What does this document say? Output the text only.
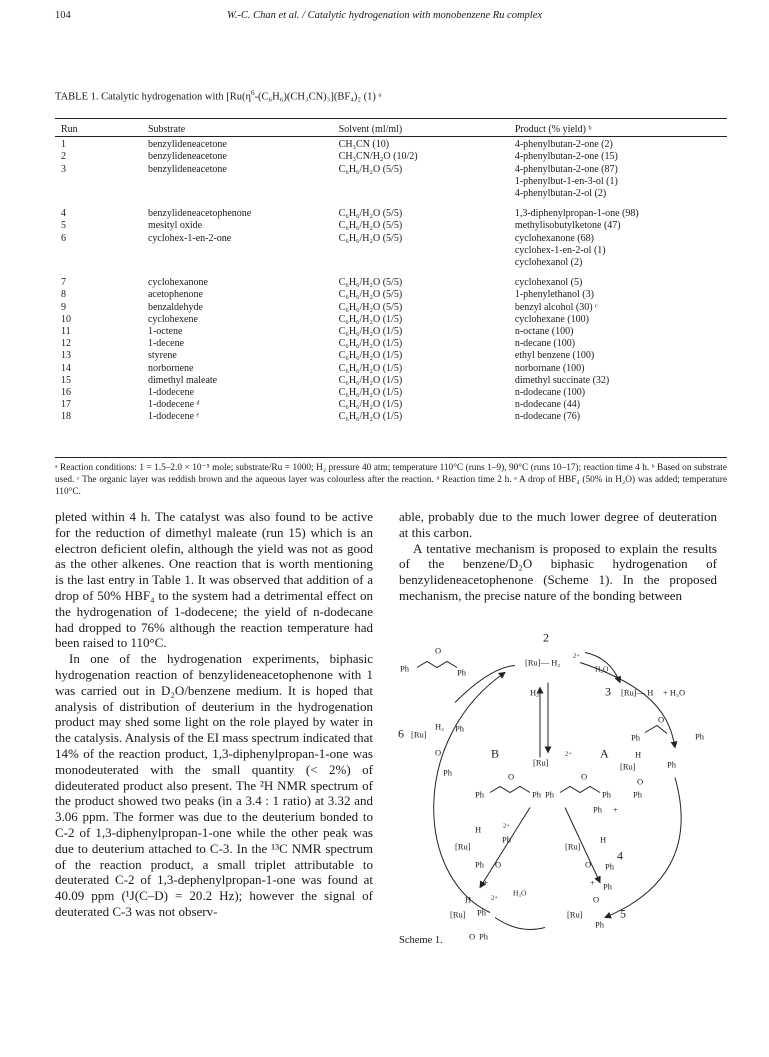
104	W.-C. Chan et al. / Catalytic hydrogenation with monobenzene Ru complex
TABLE 1. Catalytic hydrogenation with [$Ru(\eta^6-(C_6H_6)(CH_3CN)_3](BF_4)_2$ (1) ᵃ
Run	Substrate	Solvent (ml/ml)	Product (% yield) ᵇ
1	benzylideneacetone	CH₃CN (10)	4-phenylbutan-2-one (2)

2	benzylideneacetone	CH₃CN/H₂O (10/2)	4-phenylbutan-2-one (15)

3	benzylideneacetone	C₆H₆/H₂O (5/5)	4-phenylbutan-2-one (87)
1-phenylbut-1-en-3-ol (1)
4-phenylbutan-2-ol (2)

4	benzylideneacetophenone	C₆H₆/H₂O (5/5)	1,3-diphenylpropan-1-one (98)

5	mesityl oxide	C₆H₆/H₂O (5/5)	methylisobutylketone (47)

6	cyclohex-1-en-2-one	C₆H₆/H₂O (5/5)	cyclohexanone (68)
cyclohex-1-en-2-ol (1)
cyclohexanol (2)

7	cyclohexanone	C₆H₆/H₂O (5/5)	cyclohexanol (5)

8	acetophenone	C₆H₆/H₂O (5/5)	1-phenylethanol (3)

9	benzaldehyde	C₆H₆/H₂O (5/5)	benzyl alcohol (30) ᶜ

10	cyclohexene	C₆H₆/H₂O (1/5)	cyclohexane (100)

11	1-octene	C₆H₆/H₂O (1/5)	n-octane (100)

12	1-decene	C₆H₆/H₂O (1/5)	n-decane (100)

13	styrene	C₆H₆/H₂O (1/5)	ethyl benzene (100)

14	norbornene	C₆H₆/H₂O (1/5)	norbornane (100)

15	dimethyl maleate	C₆H₆/H₂O (1/5)	dimethyl succinate (32)

16	1-dodecene	C₆H₆/H₂O (1/5)	n-dodecane (100)

17	1-dodecene ᵈ	C₆H₆/H₂O (1/5)	n-dodecane (44)

18	1-dodecene ᵉ	C₆H₆/H₂O (1/5)	n-dodecane (76)
ᵃ Reaction conditions: 1 = 1.5–2.0 × 10⁻⁵ mole; substrate/Ru = 1000; H₂ pressure 40 atm; temperature 110°C (runs 1–9), 90°C (runs 10–17); reaction time 4 h. ᵇ Based on substrate used. ᶜ The organic layer was reddish brown and the aqueous layer was colourless after the reaction. ᵈ Reaction time 2 h. ᵉ A drop of HBF₄ (50% in H₂O) was added; temperature 110°C.

pleted within 4 h. The catalyst was also found to be active for the reduction of dimethyl maleate (run 15) which is an electron deficient olefin, although the yield was not as good as the other alkenes. One reaction that is worth mentioning is the last entry in Table 1. It was observed that addition of a drop of 50% HBF₄ to the system had a detrimental effect on the hydrogenation of 1-dodecene; the yield of n-dodecane had dropped to 76% although the reaction temperature had been raised to 110°C.

In one of the hydrogenation experiments, biphasic hydrogenation reaction of benzylideneacetophenone with 1 was carried out in D₂O/benzene medium. It is hoped that analysis of distribution of deuterium in the hydrogenation product may shed some light on the role played by water in the catalysis. Analysis of the EI mass spectrum indicated that 14% of the reaction product, 1,3-diphenylpropan-1-one was monodeuterated with the small quantity (< 2%) of dideuterated product also present. The ²H NMR spectrum of the product showed two peaks (in a 3.4 : 1 ratio) at 3.32 and 3.06 ppm. The former was due to the deuterium bonded to C-2 of 1,3-diphenylpropan-1-one while the other peak was due to deuterium attached to C-3. In the ¹³C NMR spectrum of the reaction product, a small triplet attributable to deuterated C-2 of 1,3-dephenylpropan-1-one was found at 40.09 ppm (¹J(C–D) = 20.2 Hz); however the signal of deuterated C-3 was not observ-

able, probably due to the much lower degree of deuteration at this carbon.

A tentative mechanism is proposed to explain the results of the benzene/D₂O biphasic hydrogenation of benzylideneacetophenone (Scheme 1). In the proposed mechanism, the precise nature of the bonding between

2
[Ru]— H₂
2+
H₂O
O
Ph	Ph
H₂
[Ru]
2+
B	A
3 [Ru]— H + H₃O
O
Ph	Ph
6 [Ru]
H₂ Ph
O
Ph
[Ru]
H
Ph
O
Ph
O
Ph	Ph
O
Ph	Ph
H	2+
[Ru]
Ph
Ph O
Ph +
[Ru]
4
H
O Ph
+
H	2+
H₃O
[Ru] Ph
O Ph
+ Ph
O
[Ru]	5
Ph
Scheme 1.
